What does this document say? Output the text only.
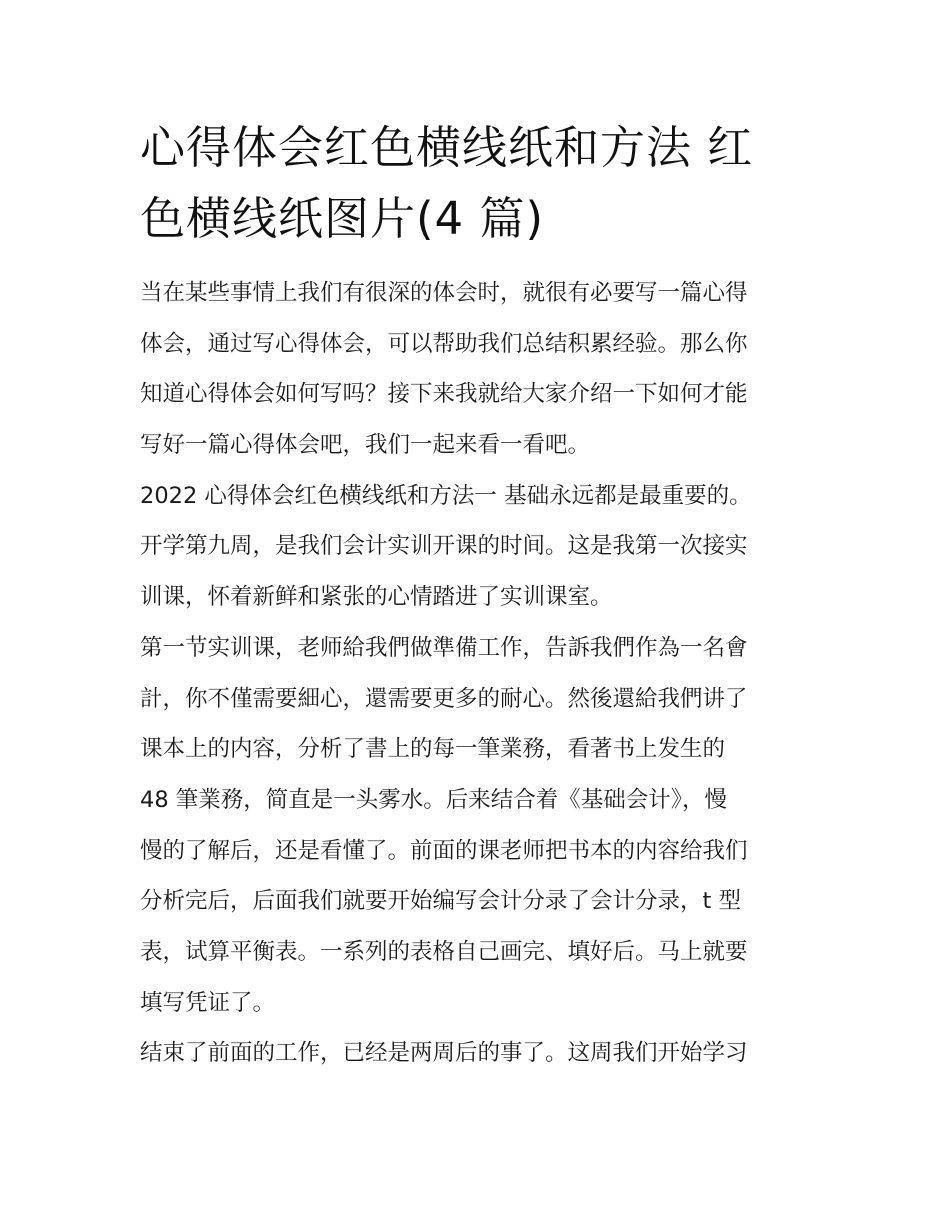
心得体会红色横线纸和方法 红
色横线纸图片(4 篇)
当在某些事情上我们有很深的体会时，就很有必要写一篇心得
体会，通过写心得体会，可以帮助我们总结积累经验。那么你
知道心得体会如何写吗？接下来我就给大家介绍一下如何才能
写好一篇心得体会吧，我们一起来看一看吧。
2022 心得体会红色横线纸和方法一 基础永远都是最重要的。
开学第九周，是我们会计实训开课的时间。这是我第一次接实
训课，怀着新鲜和紧张的心情踏进了实训课室。
第一节实训课，老师給我們做準備工作，告訴我們作為一名會
計，你不僅需要細心，還需要更多的耐心。然後還給我們讲了
课本上的内容，分析了書上的每一筆業務，看著书上发生的
48 筆業務，简直是一头雾水。后来结合着《基础会计》，慢
慢的了解后，还是看懂了。前面的课老师把书本的内容给我们
分析完后，后面我们就要开始编写会计分录了会计分录，t 型
表，试算平衡表。一系列的表格自己画完、填好后。马上就要
填写凭证了。
结束了前面的工作，已经是两周后的事了。这周我们开始学习
